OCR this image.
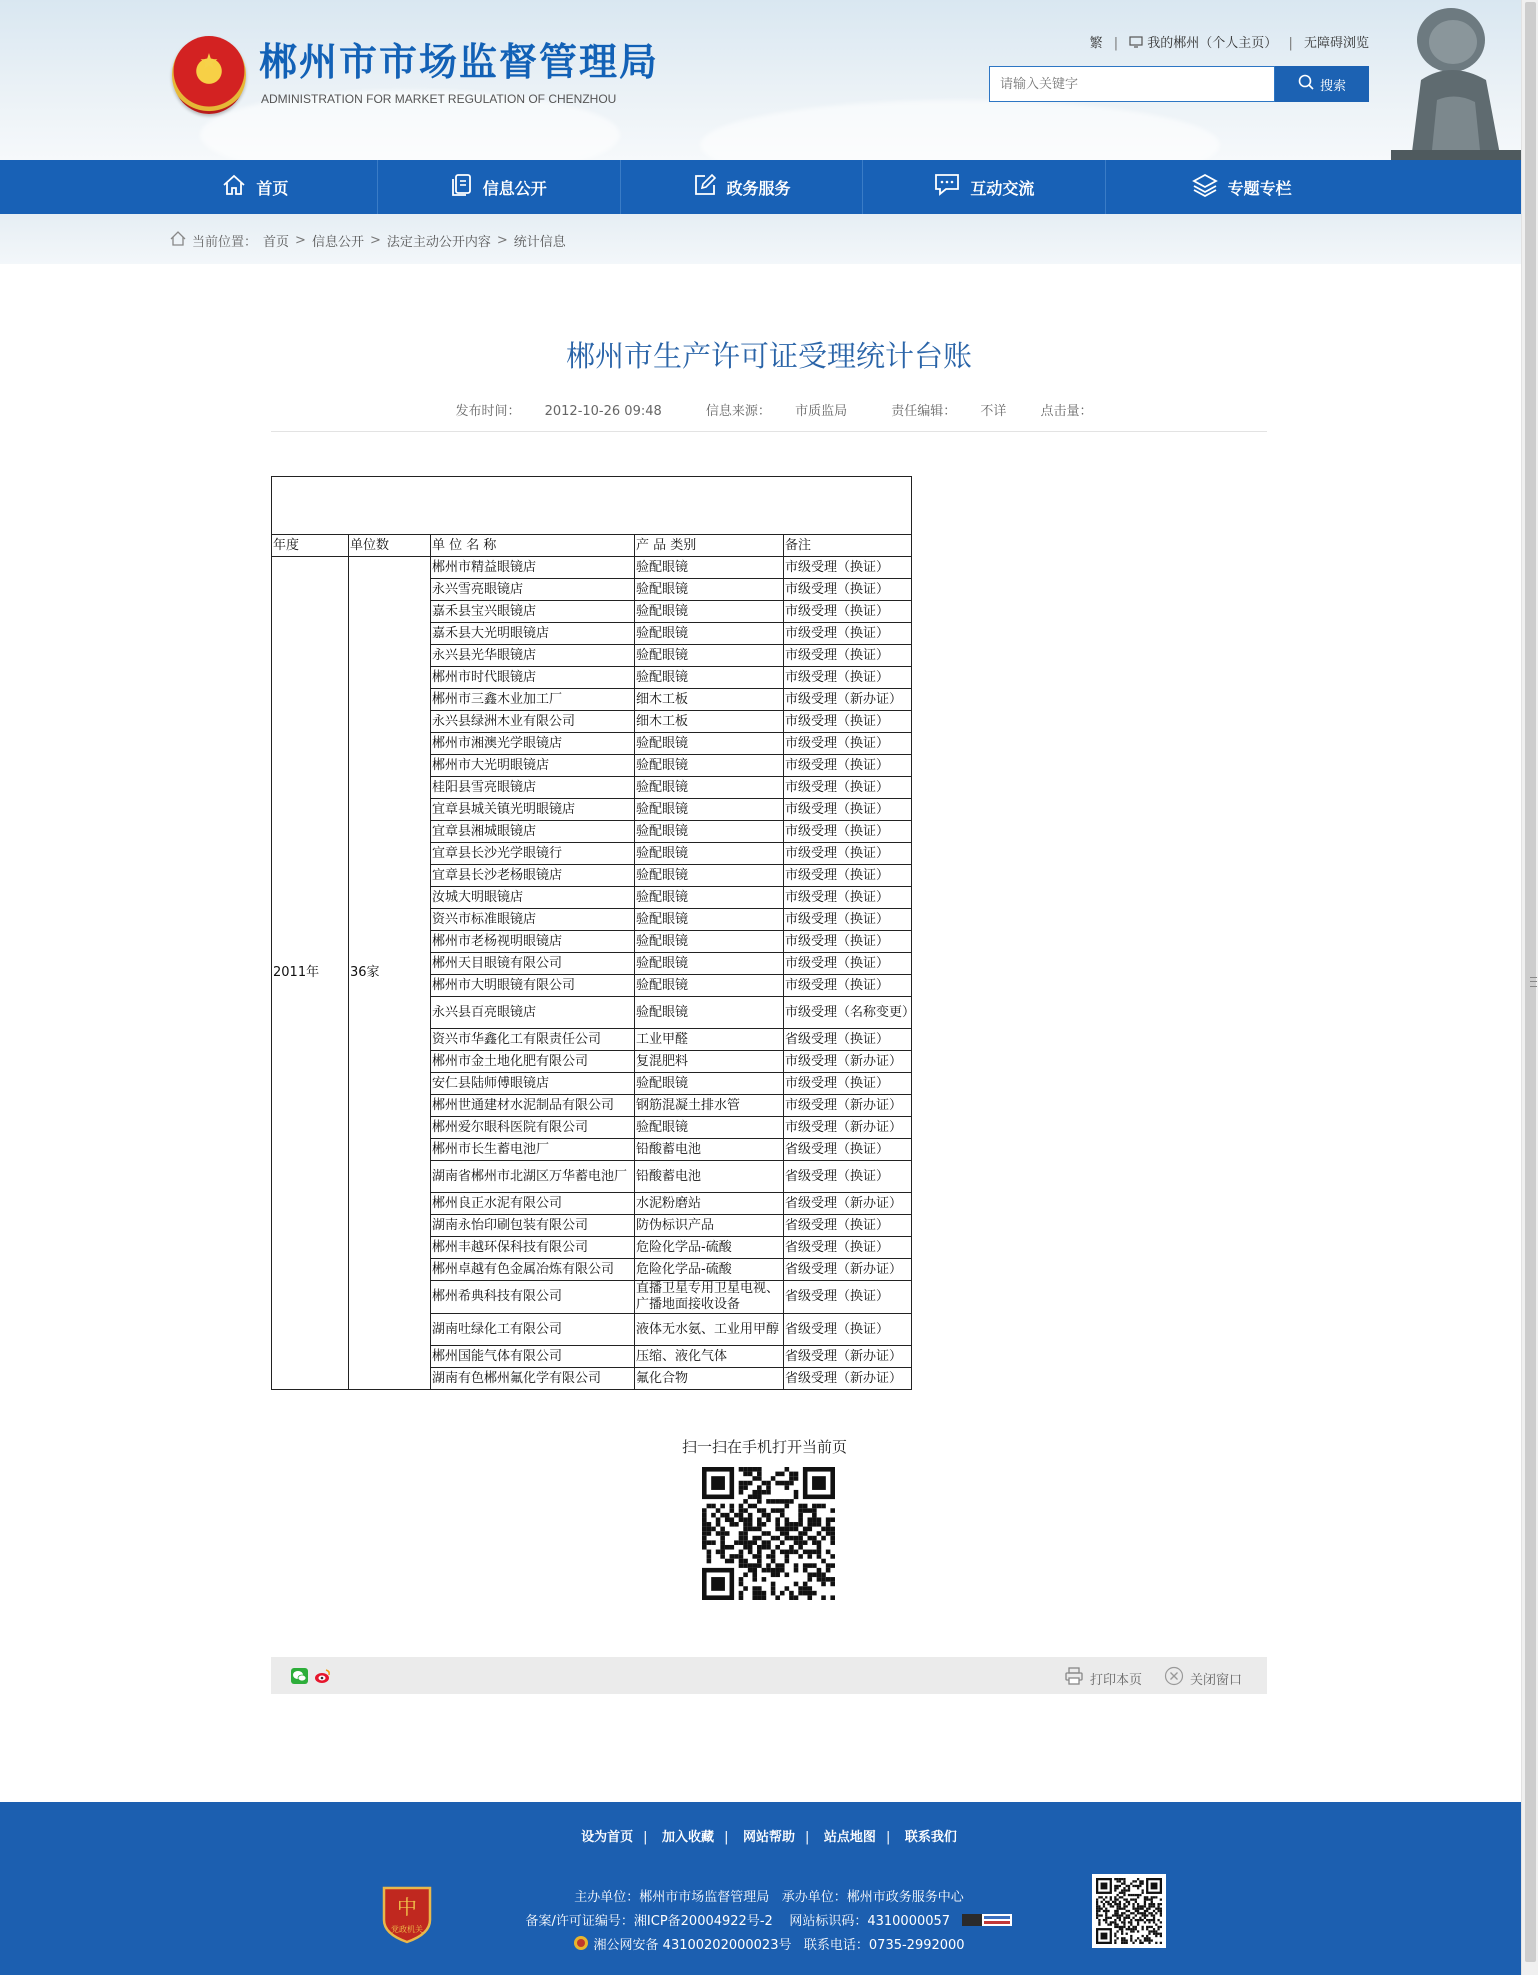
★	郴州市市场监督管理局
ADMINISTRATION FOR MARKET REGULATION OF CHENZHOU
繁 | 我的郴州（个人主页） | 无障碍浏览
请输入关键字
搜索
首页	信息公开	政务服务	互动交流	专题专栏
当前位置： 首页 > 信息公开 > 法定主动公开内容 > 统计信息
郴州市生产许可证受理统计台账
发布时间： 2012-10-26 09:48	信息来源： 市质监局	责任编辑： 不详	点击量：

年度	单位数	单 位 名 称	产 品 类别	备注
2011年	36家	郴州市精益眼镜店	验配眼镜	市级受理（换证）
		永兴雪亮眼镜店	验配眼镜	市级受理（换证）
		嘉禾县宝兴眼镜店	验配眼镜	市级受理（换证）
		嘉禾县大光明眼镜店	验配眼镜	市级受理（换证）
		永兴县光华眼镜店	验配眼镜	市级受理（换证）
		郴州市时代眼镜店	验配眼镜	市级受理（换证）
		郴州市三鑫木业加工厂	细木工板	市级受理（新办证）
		永兴县绿洲木业有限公司	细木工板	市级受理（换证）
		郴州市湘澳光学眼镜店	验配眼镜	市级受理（换证）
		郴州市大光明眼镜店	验配眼镜	市级受理（换证）
		桂阳县雪亮眼镜店	验配眼镜	市级受理（换证）
		宜章县城关镇光明眼镜店	验配眼镜	市级受理（换证）
		宜章县湘城眼镜店	验配眼镜	市级受理（换证）
		宜章县长沙光学眼镜行	验配眼镜	市级受理（换证）
		宜章县长沙老杨眼镜店	验配眼镜	市级受理（换证）
		汝城大明眼镜店	验配眼镜	市级受理（换证）
		资兴市标准眼镜店	验配眼镜	市级受理（换证）
		郴州市老杨视明眼镜店	验配眼镜	市级受理（换证）
		郴州天目眼镜有限公司	验配眼镜	市级受理（换证）
		郴州市大明眼镜有限公司	验配眼镜	市级受理（换证）
		永兴县百亮眼镜店	验配眼镜	市级受理（名称变更）
		资兴市华鑫化工有限责任公司	工业甲醛	省级受理（换证）
		郴州市金土地化肥有限公司	复混肥料	市级受理（新办证）
		安仁县陆师傅眼镜店	验配眼镜	市级受理（换证）
		郴州世通建材水泥制品有限公司	钢筋混凝土排水管	市级受理（新办证）
		郴州爱尔眼科医院有限公司	验配眼镜	市级受理（新办证）
		郴州市长生蓄电池厂	铅酸蓄电池	省级受理（换证）
		湖南省郴州市北湖区万华蓄电池厂	铅酸蓄电池	省级受理（换证）
		郴州良正水泥有限公司	水泥粉磨站	省级受理（新办证）
		湖南永怡印刷包装有限公司	防伪标识产品	省级受理（换证）
		郴州丰越环保科技有限公司	危险化学品-硫酸	省级受理（换证）
		郴州卓越有色金属冶炼有限公司	危险化学品-硫酸	省级受理（新办证）
		郴州希典科技有限公司	直播卫星专用卫星电视、广播地面接收设备	省级受理（换证）
		湖南吐绿化工有限公司	液体无水氨、工业用甲醇	省级受理（换证）
		郴州国能气体有限公司	压缩、液化气体	省级受理（新办证）
		湖南有色郴州氟化学有限公司	氟化合物	省级受理（新办证）
扫一扫在手机打开当前页
打印本页	关闭窗口
设为首页 | 加入收藏 | 网站帮助 | 站点地图 | 联系我们
主办单位：郴州市市场监督管理局 承办单位：郴州市政务服务中心
备案/许可证编号：湘ICP备20004922号-2 网站标识码：4310000057
湘公网安备 43100202000023号 联系电话：0735-2992000
中
党政机关
